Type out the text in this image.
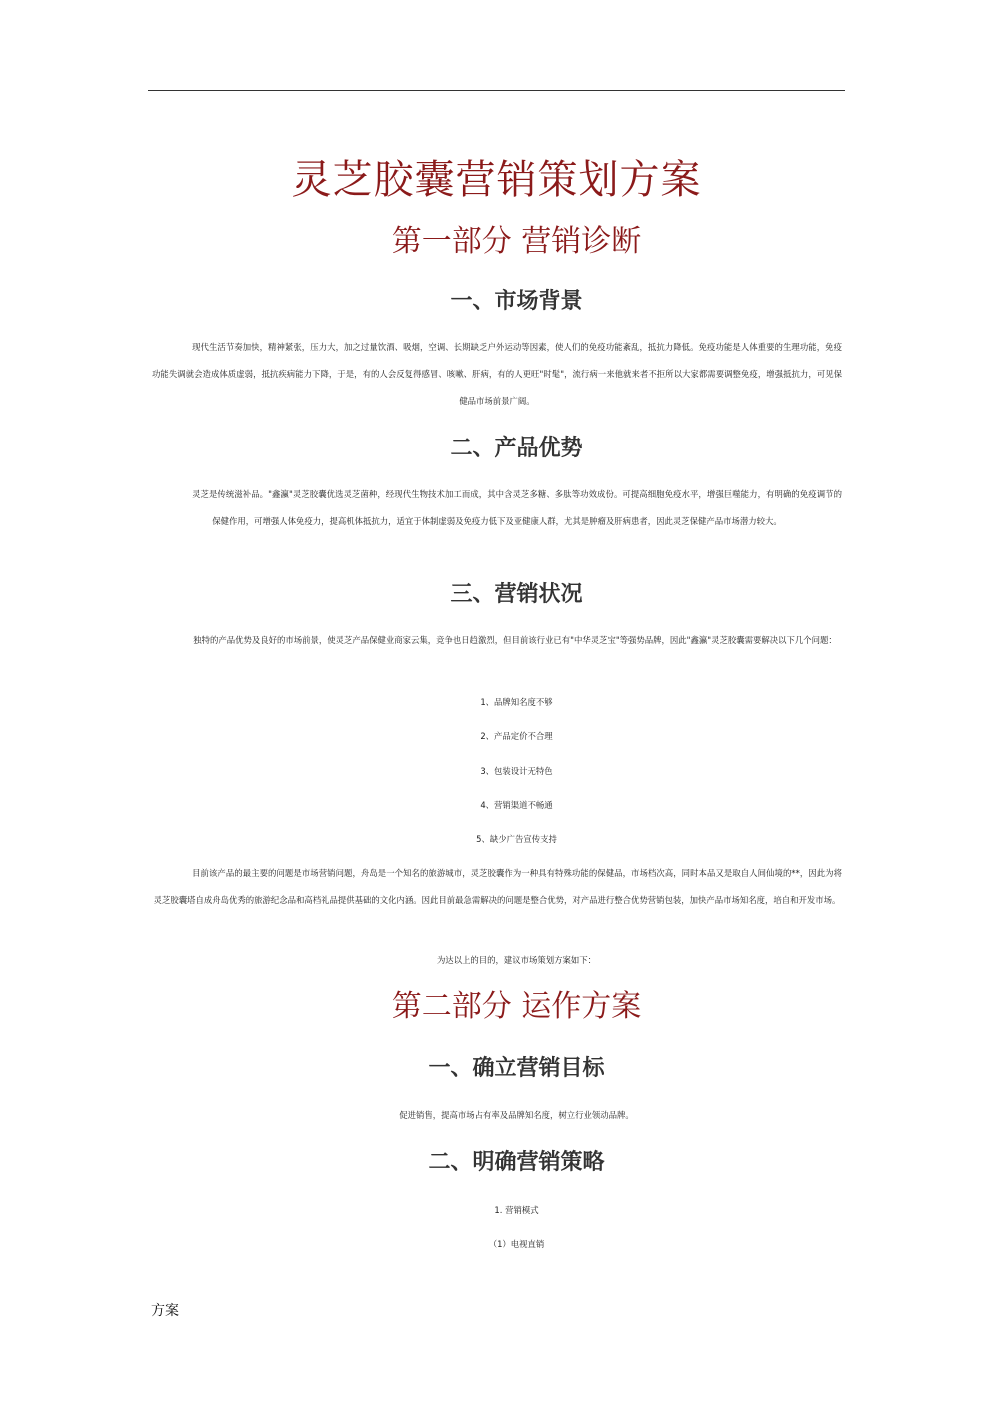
灵芝胶囊营销策划方案
第一部分 营销诊断
一、市场背景
现代生活节奏加快，精神紧张，压力大，加之过量饮酒、吸烟，空调、长期缺乏户外运动等因素，使人们的免疫功能紊乱，抵抗力降低。免疫功能是人体重要的生理功能，免疫功能失调就会造成体质虚弱，抵抗疾病能力下降，于是，有的人会反复得感冒、咳嗽、肝病，有的人更旺"时髦"，流行病一来他就来者不拒所以大家都需要调整免疫，增强抵抗力，可见保健品市场前景广阔。
二、产品优势
灵芝是传统滋补品。"鑫瀛"灵芝胶囊优选灵芝菌种，经现代生物技术加工而成，其中含灵芝多糖、多肽等功效成份。可提高细胞免疫水平，增强巨噬能力，有明确的免疫调节的保健作用，可增强人体免疫力，提高机体抵抗力，适宜于体制虚弱及免疫力低下及亚健康人群，尤其是肿瘤及肝病患者，因此灵芝保健产品市场潜力较大。
三、营销状况
独特的产品优势及良好的市场前景，使灵芝产品保健业商家云集，竞争也日趋激烈，但目前该行业已有"中华灵芝宝"等强势品牌，因此"鑫瀛"灵芝胶囊需要解决以下几个问题：
1、品牌知名度不够
2、产品定价不合理
3、包装设计无特色
4、营销渠道不畅通
5、缺少广告宣传支持
目前该产品的最主要的问题是市场营销问题，舟岛是一个知名的旅游城市，灵芝胶囊作为一种具有特殊功能的保健品，市场档次高，同时本品又是取自人间仙境的**，因此为将灵芝胶囊塔自成舟岛优秀的旅游纪念品和高档礼品提供基础的文化内涵。因此目前最急需解决的问题是整合优势，对产品进行整合优势营销包装，加快产品市场知名度，培自和开发市场。
为达以上的目的，建议市场策划方案如下：
第二部分 运作方案
一、确立营销目标
促进销售，提高市场占有率及品牌知名度，树立行业领动品牌。
二、明确营销策略
1. 营销模式
（1）电视直销
方案
